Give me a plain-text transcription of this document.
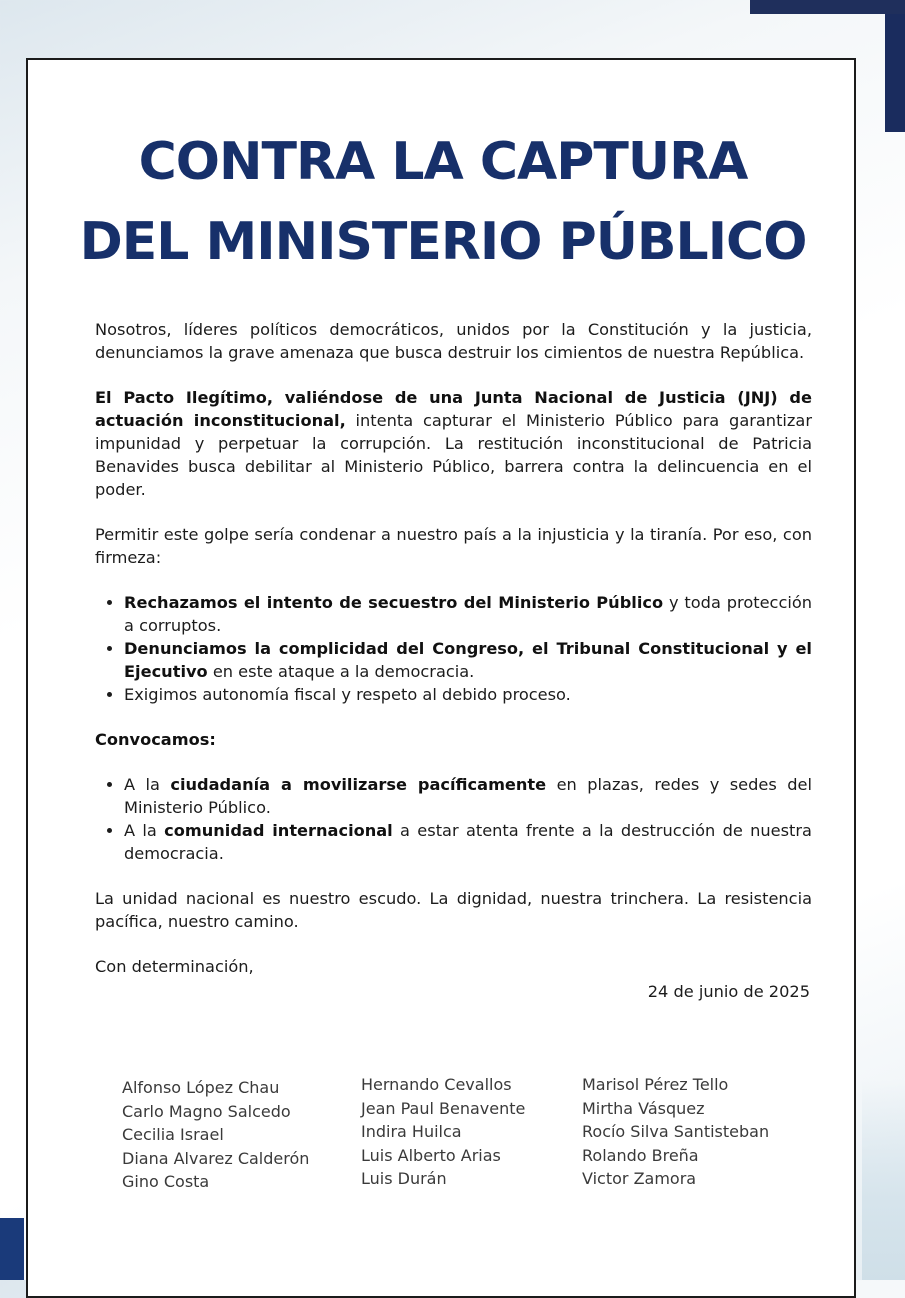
CONTRA LA CAPTURA
DEL MINISTERIO PÚBLICO

Nosotros, líderes políticos democráticos, unidos por la Constitución y la justicia, denunciamos la grave amenaza que busca destruir los cimientos de nuestra República.

El Pacto Ilegítimo, valiéndose de una Junta Nacional de Justicia (JNJ) de actuación inconstitucional, intenta capturar el Ministerio Público para garantizar impunidad y perpetuar la corrupción. La restitución inconstitucional de Patricia Benavides busca debilitar al Ministerio Público, barrera contra la delincuencia en el poder.

Permitir este golpe sería condenar a nuestro país a la injusticia y la tiranía. Por eso, con firmeza:

• Rechazamos el intento de secuestro del Ministerio Público y toda protección a corruptos.
• Denunciamos la complicidad del Congreso, el Tribunal Constitucional y el Ejecutivo en este ataque a la democracia.
• Exigimos autonomía fiscal y respeto al debido proceso.

Convocamos:

• A la ciudadanía a movilizarse pacíficamente en plazas, redes y sedes del Ministerio Público.
• A la comunidad internacional a estar atenta frente a la destrucción de nuestra democracia.

La unidad nacional es nuestro escudo. La dignidad, nuestra trinchera. La resistencia pacífica, nuestro camino.

Con determinación,

24 de junio de 2025

Alfonso López Chau
Carlo Magno Salcedo
Cecilia Israel
Diana Alvarez Calderón
Gino Costa
Hernando Cevallos
Jean Paul Benavente
Indira Huilca
Luis Alberto Arias
Luis Durán
Marisol Pérez Tello
Mirtha Vásquez
Rocío Silva Santisteban
Rolando Breña
Victor Zamora
